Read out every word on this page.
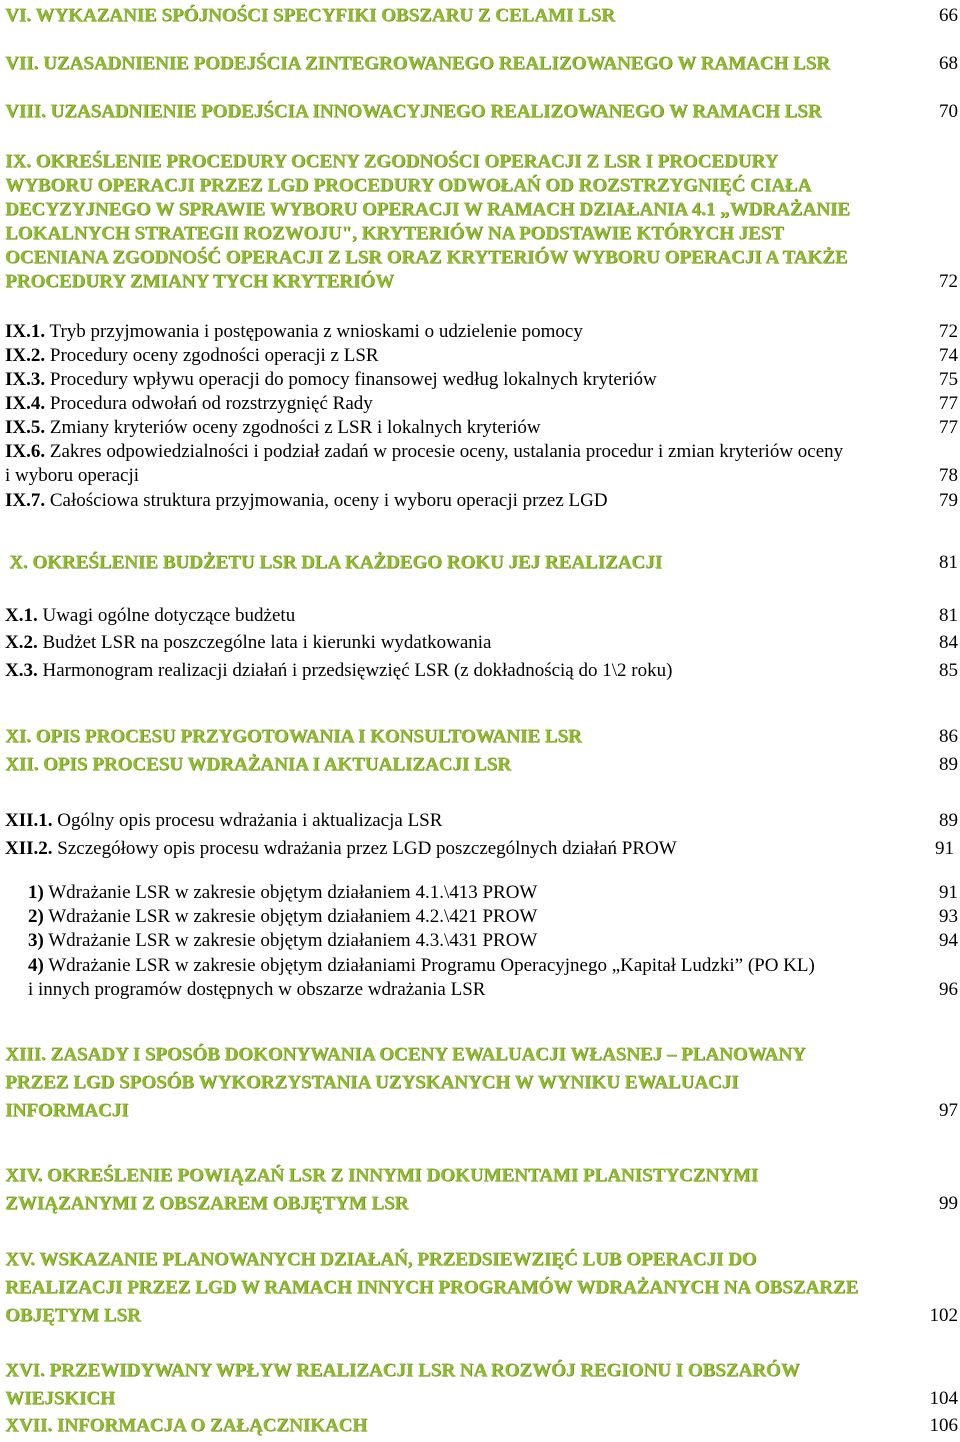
VI. WYKAZANIE SPÓJNOŚCI SPECYFIKI OBSZARU Z CELAMI LSR	66
VII. UZASADNIENIE PODEJŚCIA ZINTEGROWANEGO REALIZOWANEGO W RAMACH LSR	68
VIII. UZASADNIENIE PODEJŚCIA INNOWACYJNEGO REALIZOWANEGO W RAMACH LSR	70
IX. OKREŚLENIE PROCEDURY OCENY ZGODNOŚCI OPERACJI Z LSR I PROCEDURY
WYBORU OPERACJI PRZEZ LGD PROCEDURY ODWOŁAŃ OD ROZSTRZYGNIĘĆ CIAŁA
DECYZYJNEGO W SPRAWIE WYBORU OPERACJI W RAMACH DZIAŁANIA 4.1 „WDRAŻANIE
LOKALNYCH STRATEGII ROZWOJU", KRYTERIÓW NA PODSTAWIE KTÓRYCH JEST
OCENIANA ZGODNOŚĆ OPERACJI Z LSR ORAZ KRYTERIÓW WYBORU OPERACJI A TAKŻE
PROCEDURY ZMIANY TYCH KRYTERIÓW	72
IX.1. Tryb przyjmowania i postępowania z wnioskami o udzielenie pomocy	72
IX.2. Procedury oceny zgodności operacji z LSR	74
IX.3. Procedury wpływu operacji do pomocy finansowej według lokalnych kryteriów	75
IX.4. Procedura odwołań od rozstrzygnięć Rady	77
IX.5. Zmiany kryteriów oceny zgodności z LSR i lokalnych kryteriów	77
IX.6. Zakres odpowiedzialności i podział zadań w procesie oceny, ustalania procedur i zmian kryteriów oceny
i wyboru operacji	78
IX.7. Całościowa struktura przyjmowania, oceny i wyboru operacji przez LGD	79
X. OKREŚLENIE BUDŻETU LSR DLA KAŻDEGO ROKU JEJ REALIZACJI	81
X.1. Uwagi ogólne dotyczące budżetu	81
X.2. Budżet LSR na poszczególne lata i kierunki wydatkowania	84
X.3. Harmonogram realizacji działań i przedsięwzięć LSR (z dokładnością do 1\2 roku)	85
XI. OPIS PROCESU PRZYGOTOWANIA I KONSULTOWANIE LSR	86
XII. OPIS PROCESU WDRAŻANIA I AKTUALIZACJI LSR	89
XII.1. Ogólny opis procesu wdrażania i aktualizacja LSR	89
XII.2. Szczegółowy opis procesu wdrażania przez LGD poszczególnych działań PROW	91
1) Wdrażanie LSR w zakresie objętym działaniem 4.1.\413 PROW	91
2) Wdrażanie LSR w zakresie objętym działaniem 4.2.\421 PROW	93
3) Wdrażanie LSR w zakresie objętym działaniem 4.3.\431 PROW	94
4) Wdrażanie LSR w zakresie objętym działaniami Programu Operacyjnego „Kapitał Ludzki” (PO KL)
i innych programów dostępnych w obszarze wdrażania LSR	96
XIII. ZASADY I SPOSÓB DOKONYWANIA OCENY EWALUACJI WŁASNEJ – PLANOWANY
PRZEZ LGD SPOSÓB WYKORZYSTANIA UZYSKANYCH W WYNIKU EWALUACJI
INFORMACJI	97
XIV. OKREŚLENIE POWIĄZAŃ LSR Z INNYMI DOKUMENTAMI PLANISTYCZNYMI
ZWIĄZANYMI Z OBSZAREM OBJĘTYM LSR	99
XV. WSKAZANIE PLANOWANYCH DZIAŁAŃ, PRZEDSIEWZIĘĆ LUB OPERACJI DO
REALIZACJI PRZEZ LGD W RAMACH INNYCH PROGRAMÓW WDRAŻANYCH NA OBSZARZE
OBJĘTYM LSR	102
XVI. PRZEWIDYWANY WPŁYW REALIZACJI LSR NA ROZWÓJ REGIONU I OBSZARÓW
WIEJSKICH	104
XVII. INFORMACJA O ZAŁĄCZNIKACH	106
